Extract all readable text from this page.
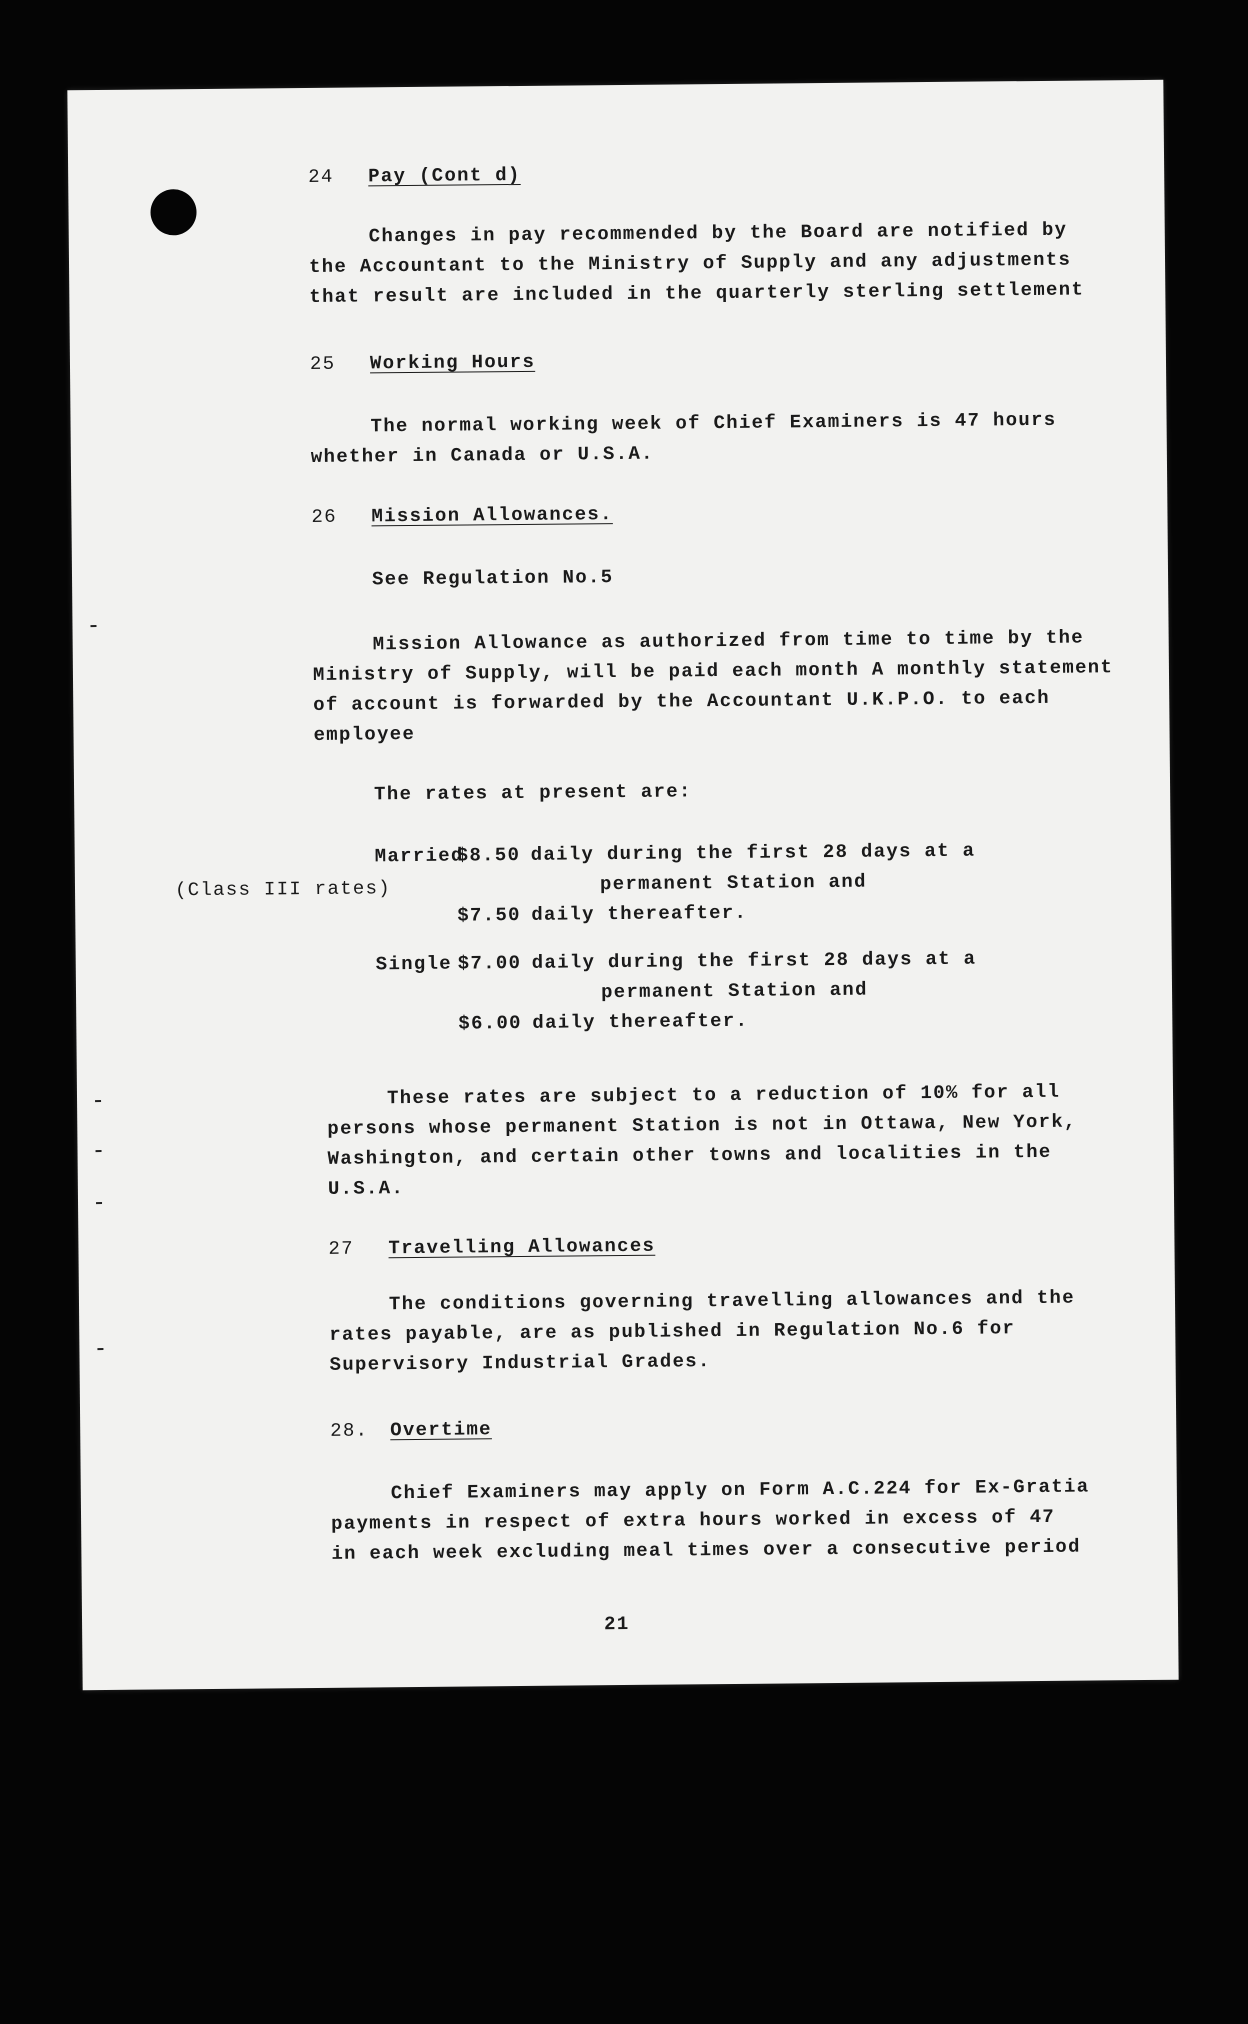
24 Pay (Cont d)
Changes in pay recommended by the Board are notified by
the Accountant to the Ministry of Supply and any adjustments
that result are included in the quarterly sterling settlement
25 Working Hours
The normal working week of Chief Examiners is 47 hours
whether in Canada or U.S.A.
26 Mission Allowances.
See Regulation No.5
Mission Allowance as authorized from time to time by the
Ministry of Supply, will be paid each month A monthly statement
of account is forwarded by the Accountant U.K.P.O. to each
employee
The rates at present are:
(Class III rates)
Married
$8.50 daily during the first 28 days at a
permanent Station and
$7.50 daily thereafter.
Single $7.00 daily during the first 28 days at a
permanent Station and
$6.00 daily thereafter.
These rates are subject to a reduction of 10% for all
persons whose permanent Station is not in Ottawa, New York,
Washington, and certain other towns and localities in the
U.S.A.
27 Travelling Allowances
The conditions governing travelling allowances and the
rates payable, are as published in Regulation No.6 for
Supervisory Industrial Grades.
28. Overtime
Chief Examiners may apply on Form A.C.224 for Ex-Gratia
payments in respect of extra hours worked in excess of 47
in each week excluding meal times over a consecutive period
21
